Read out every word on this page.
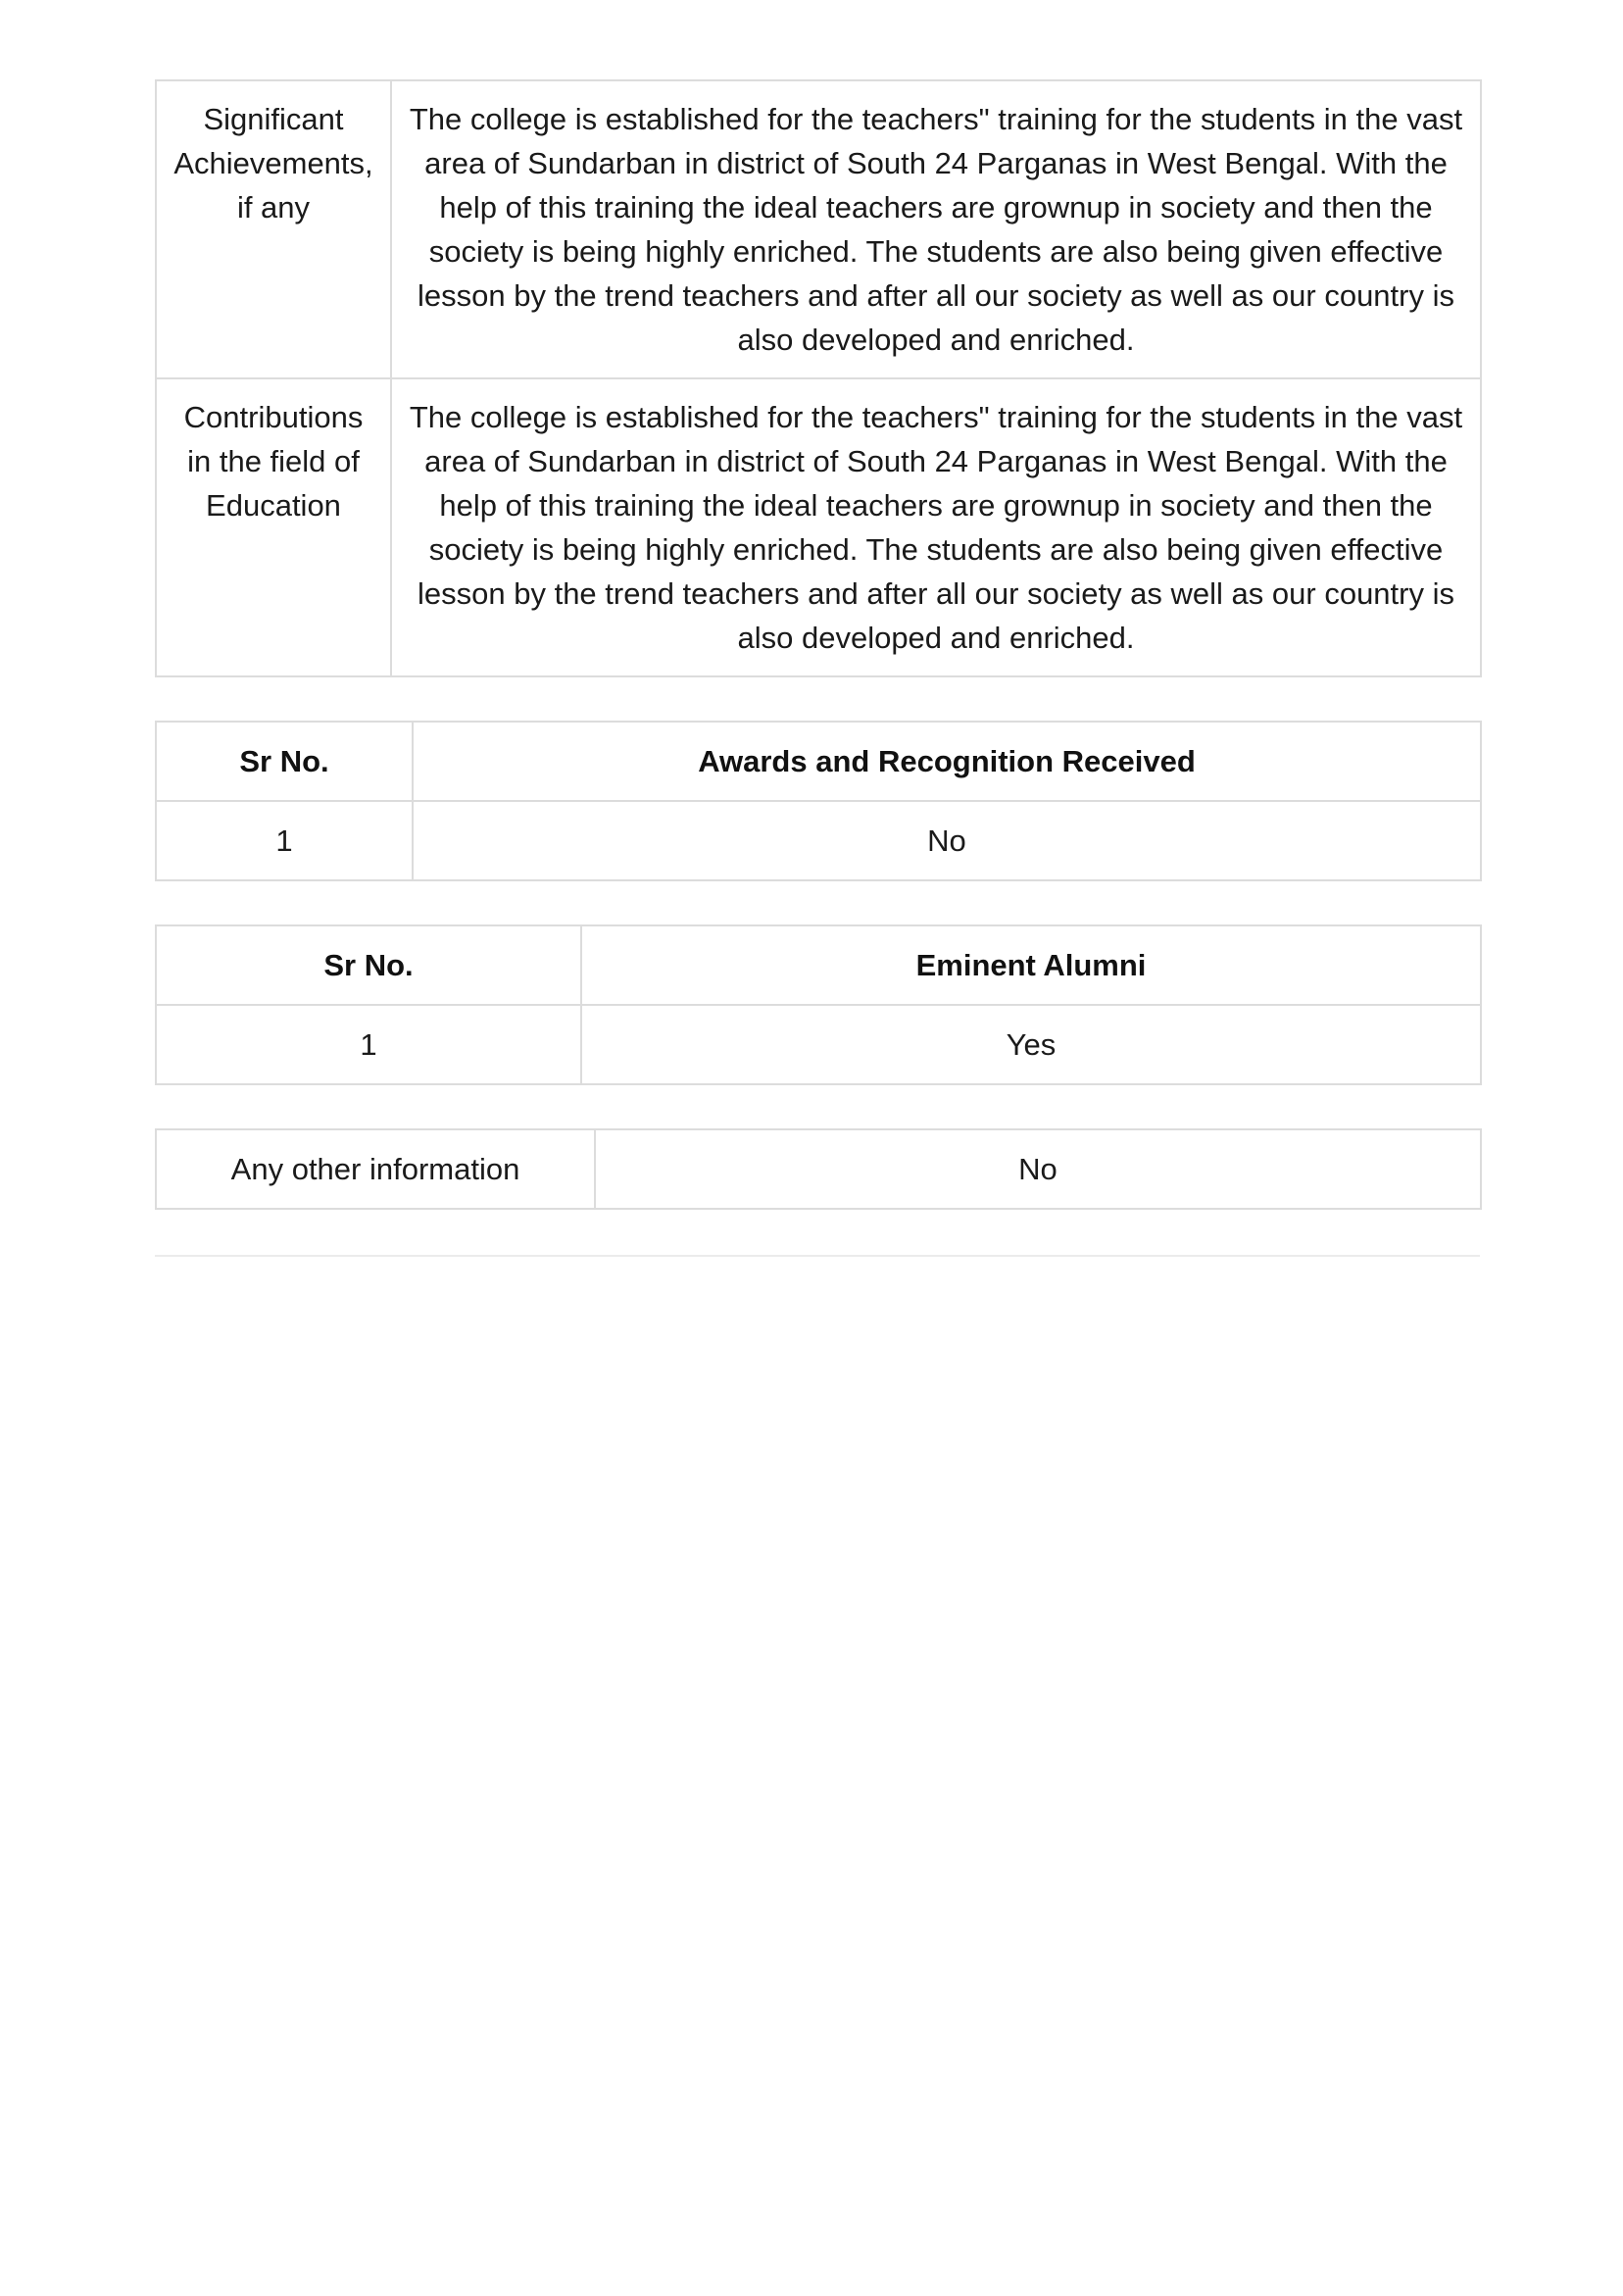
Significant Achievements, if any	The college is established for the teachers" training for the students in the vast area of Sundarban in district of South 24 Parganas in West Bengal. With the help of this training the ideal teachers are grownup in society and then the society is being highly enriched. The students are also being given effective lesson by the trend teachers and after all our society as well as our country is also developed and enriched.
Contributions in the field of Education	The college is established for the teachers" training for the students in the vast area of Sundarban in district of South 24 Parganas in West Bengal. With the help of this training the ideal teachers are grownup in society and then the society is being highly enriched. The students are also being given effective lesson by the trend teachers and after all our society as well as our country is also developed and enriched.
Sr No.	Awards and Recognition Received
1	No
Sr No.	Eminent Alumni
1	Yes
Any other information	No
